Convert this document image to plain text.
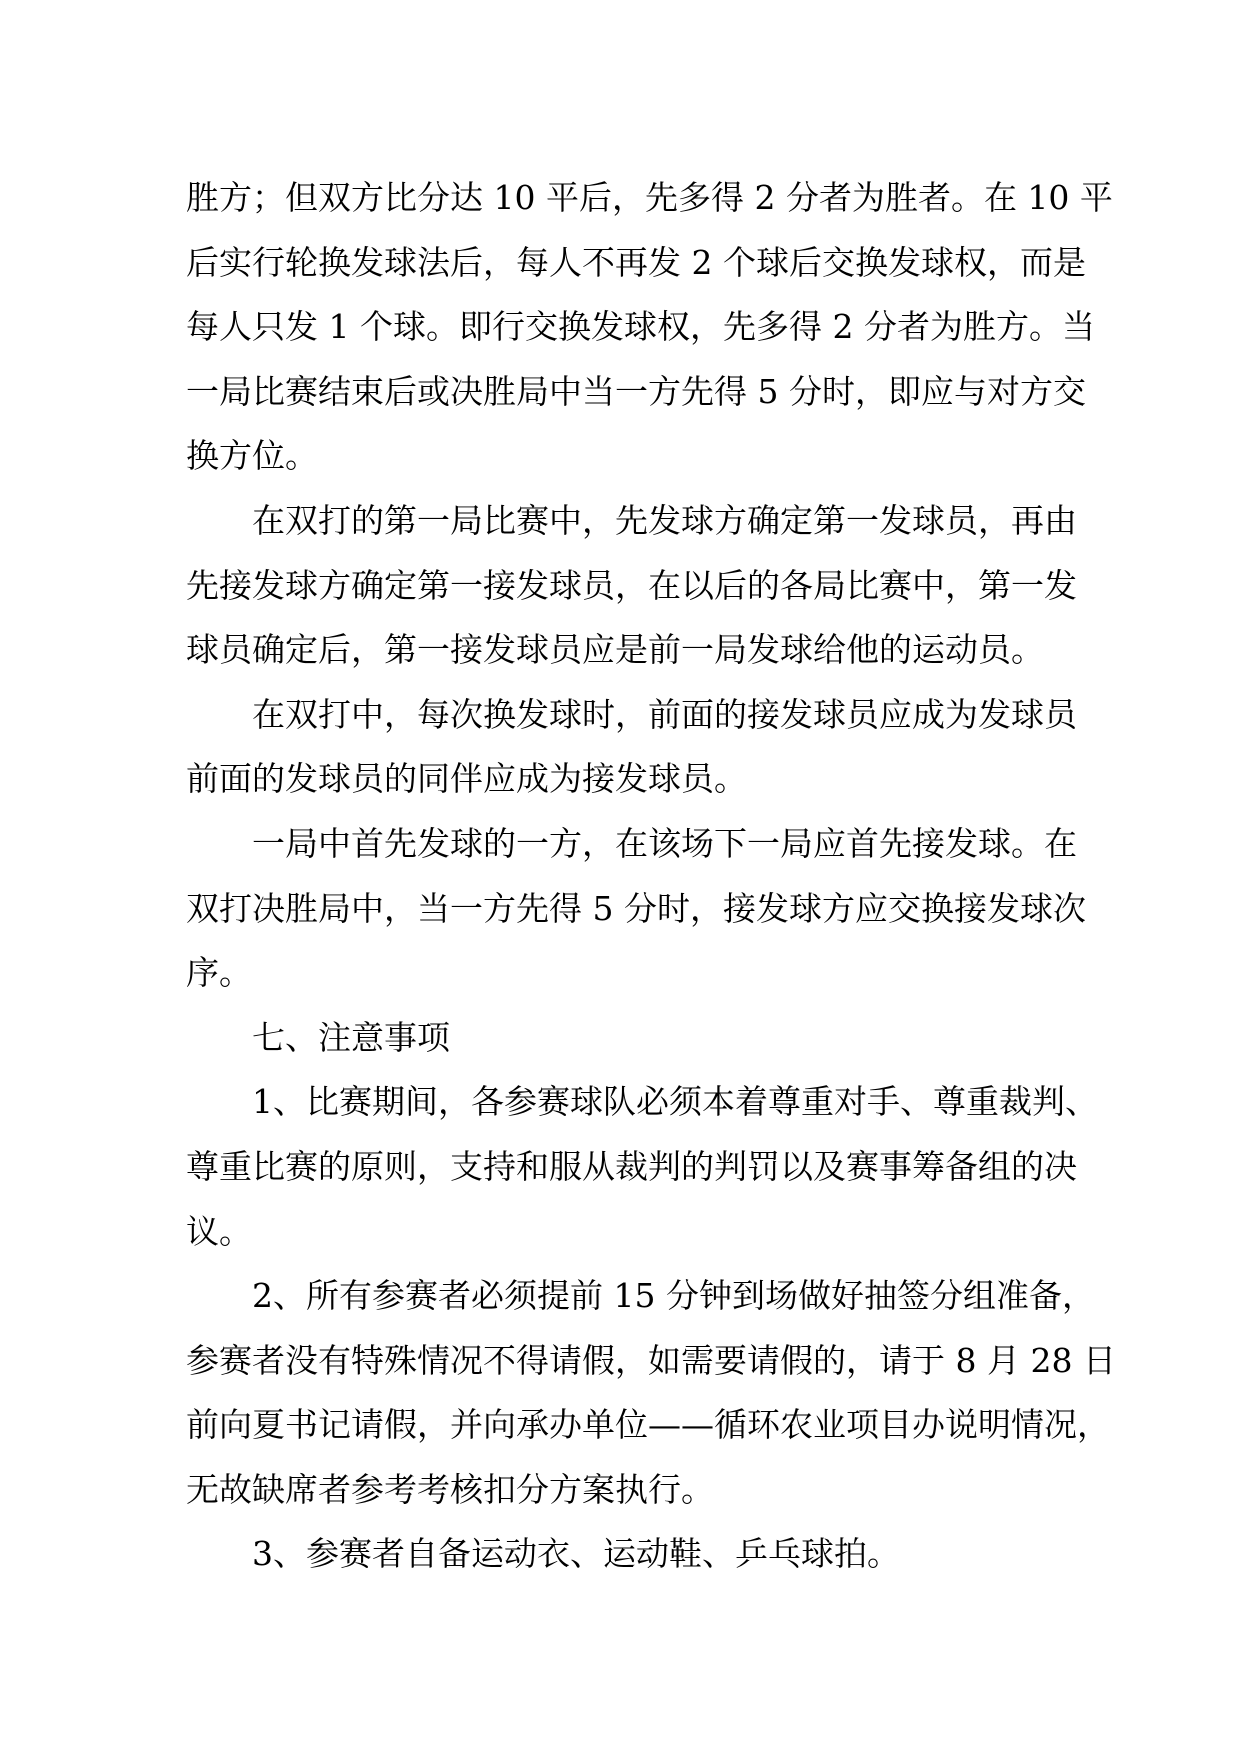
胜方；但双方比分达 10 平后，先多得 2 分者为胜者。在 10 平
后实行轮换发球法后，每人不再发 2 个球后交换发球权，而是
每人只发 1 个球。即行交换发球权，先多得 2 分者为胜方。当
一局比赛结束后或决胜局中当一方先得 5 分时，即应与对方交
换方位。

在双打的第一局比赛中，先发球方确定第一发球员，再由
先接发球方确定第一接发球员，在以后的各局比赛中，第一发
球员确定后，第一接发球员应是前一局发球给他的运动员。

在双打中，每次换发球时，前面的接发球员应成为发球员
前面的发球员的同伴应成为接发球员。

一局中首先发球的一方，在该场下一局应首先接发球。在
双打决胜局中，当一方先得 5 分时，接发球方应交换接发球次
序。

七、注意事项

1、比赛期间，各参赛球队必须本着尊重对手、尊重裁判、
尊重比赛的原则，支持和服从裁判的判罚以及赛事筹备组的决
议。

2、所有参赛者必须提前 15 分钟到场做好抽签分组准备，
参赛者没有特殊情况不得请假，如需要请假的，请于 8 月 28 日
前向夏书记请假，并向承办单位——循环农业项目办说明情况，
无故缺席者参考考核扣分方案执行。

3、参赛者自备运动衣、运动鞋、乒乓球拍。
